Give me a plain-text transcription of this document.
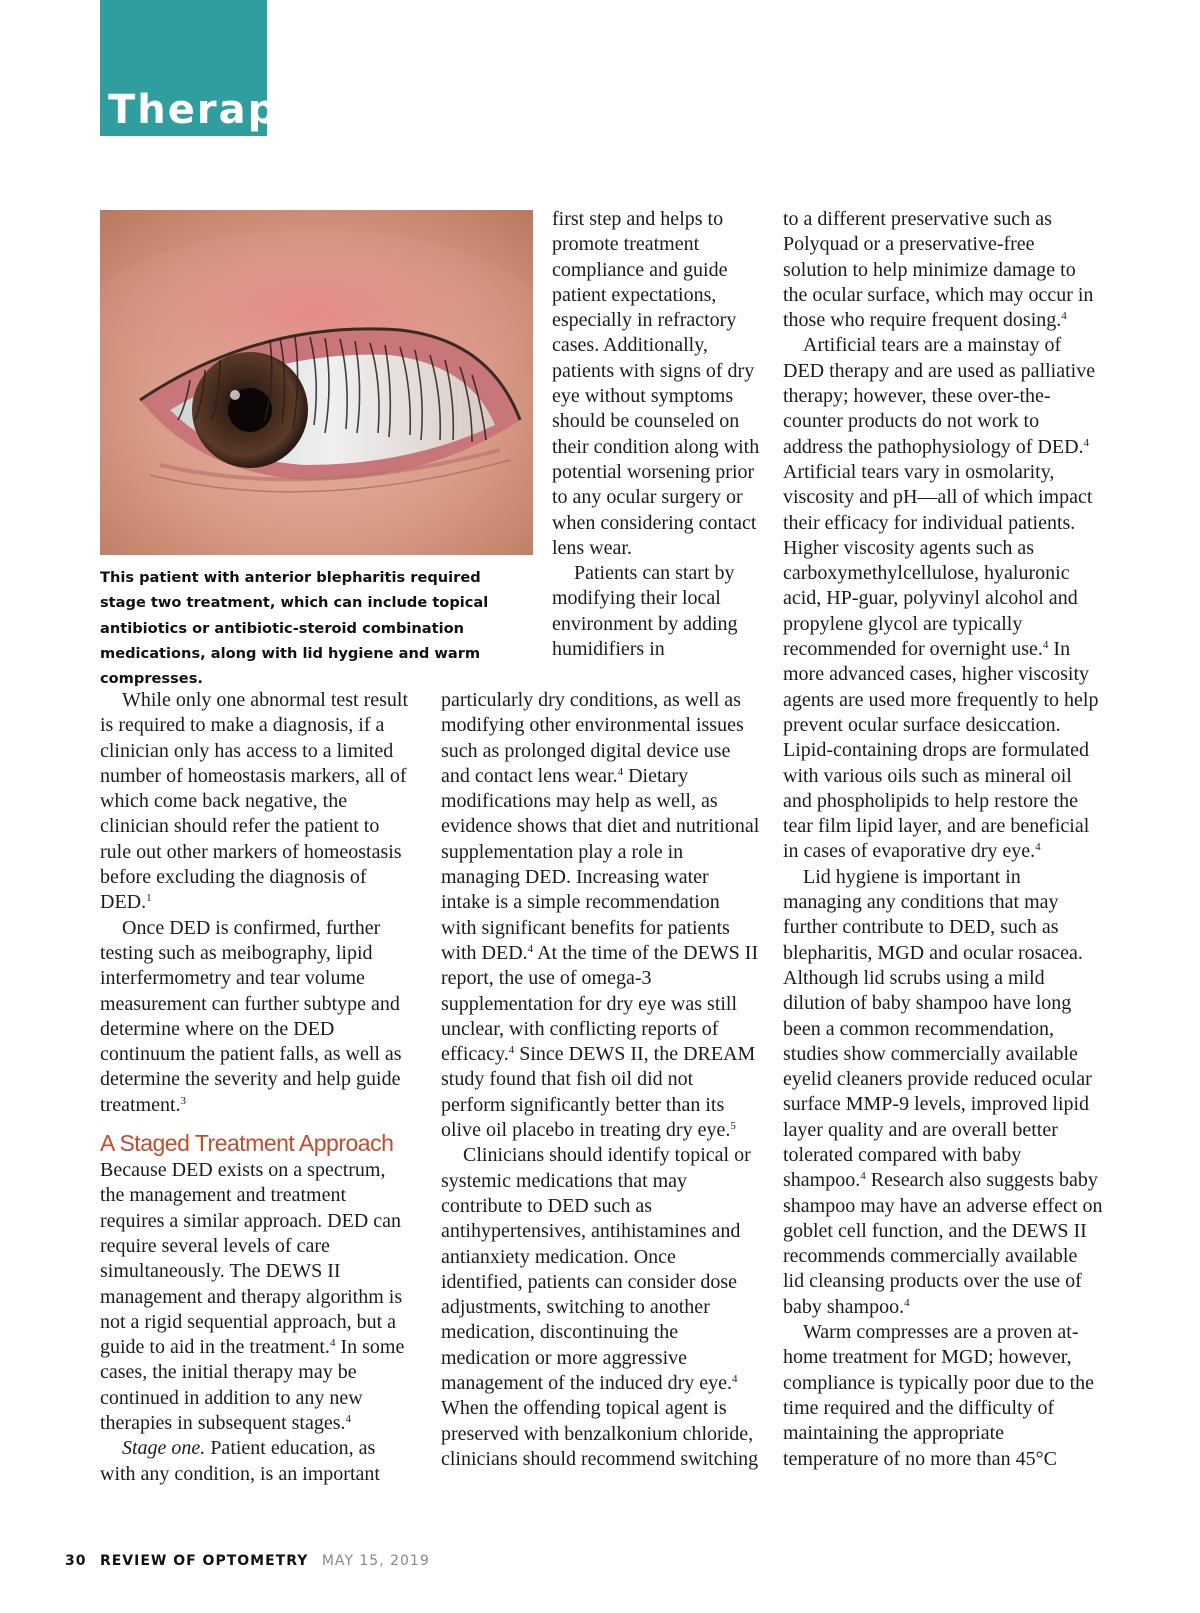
Therapy
This patient with anterior blepharitis required stage two treatment, which can include topical antibiotics or antibiotic-steroid combination medications, along with lid hygiene and warm compresses.

While only one abnormal test result is required to make a diagnosis, if a clinician only has access to a limited number of homeostasis markers, all of which come back negative, the clinician should refer the patient to rule out other markers of homeostasis before excluding the diagnosis of DED.$^1$

Once DED is confirmed, further testing such as meibography, lipid interfermometry and tear volume measurement can further subtype and determine where on the DED continuum the patient falls, as well as determine the severity and help guide treatment.$^3$

A Staged Treatment Approach

Because DED exists on a spectrum, the management and treatment requires a similar approach. DED can require several levels of care simultaneously. The DEWS II management and therapy algorithm is not a rigid sequential approach, but a guide to aid in the treatment.$^4$ In some cases, the initial therapy may be continued in addition to any new therapies in subsequent stages.$^4$

Stage one. Patient education, as with any condition, is an important

first step and helps to promote treatment compliance and guide patient expectations, especially in refractory cases. Additionally, patients with signs of dry eye without symptoms should be counseled on their condition along with potential worsening prior to any ocular surgery or when considering contact lens wear.

Patients can start by modifying their local environment by adding humidifiers in

particularly dry conditions, as well as modifying other environmental issues such as prolonged digital device use and contact lens wear.$^4$ Dietary modifications may help as well, as evidence shows that diet and nutritional supplementation play a role in managing DED. Increasing water intake is a simple recommendation with significant benefits for patients with DED.$^4$ At the time of the DEWS II report, the use of omega-3 supplementation for dry eye was still unclear, with conflicting reports of efficacy.$^4$ Since DEWS II, the DREAM study found that fish oil did not perform significantly better than its olive oil placebo in treating dry eye.$^5$

Clinicians should identify topical or systemic medications that may contribute to DED such as antihypertensives, antihistamines and antianxiety medication. Once identified, patients can consider dose adjustments, switching to another medication, discontinuing the medication or more aggressive management of the induced dry eye.$^4$ When the offending topical agent is preserved with benzalkonium chloride, clinicians should recommend switching

to a different preservative such as Polyquad or a preservative-free solution to help minimize damage to the ocular surface, which may occur in those who require frequent dosing.$^4$

Artificial tears are a mainstay of DED therapy and are used as palliative therapy; however, these over-the-counter products do not work to address the pathophysiology of DED.$^4$ Artificial tears vary in osmolarity, viscosity and pH—all of which impact their efficacy for individual patients. Higher viscosity agents such as carboxymethylcellulose, hyaluronic acid, HP-guar, polyvinyl alcohol and propylene glycol are typically recommended for overnight use.$^4$ In more advanced cases, higher viscosity agents are used more frequently to help prevent ocular surface desiccation. Lipid-containing drops are formulated with various oils such as mineral oil and phospholipids to help restore the tear film lipid layer, and are beneficial in cases of evaporative dry eye.$^4$

Lid hygiene is important in managing any conditions that may further contribute to DED, such as blepharitis, MGD and ocular rosacea. Although lid scrubs using a mild dilution of baby shampoo have long been a common recommendation, studies show commercially available eyelid cleaners provide reduced ocular surface MMP-9 levels, improved lipid layer quality and are overall better tolerated compared with baby shampoo.$^4$ Research also suggests baby shampoo may have an adverse effect on goblet cell function, and the DEWS II recommends commercially available lid cleansing products over the use of baby shampoo.$^4$

Warm compresses are a proven at-home treatment for MGD; however, compliance is typically poor due to the time required and the difficulty of maintaining the appropriate temperature of no more than 45°C

30 REVIEW OF OPTOMETRY MAY 15, 2019
